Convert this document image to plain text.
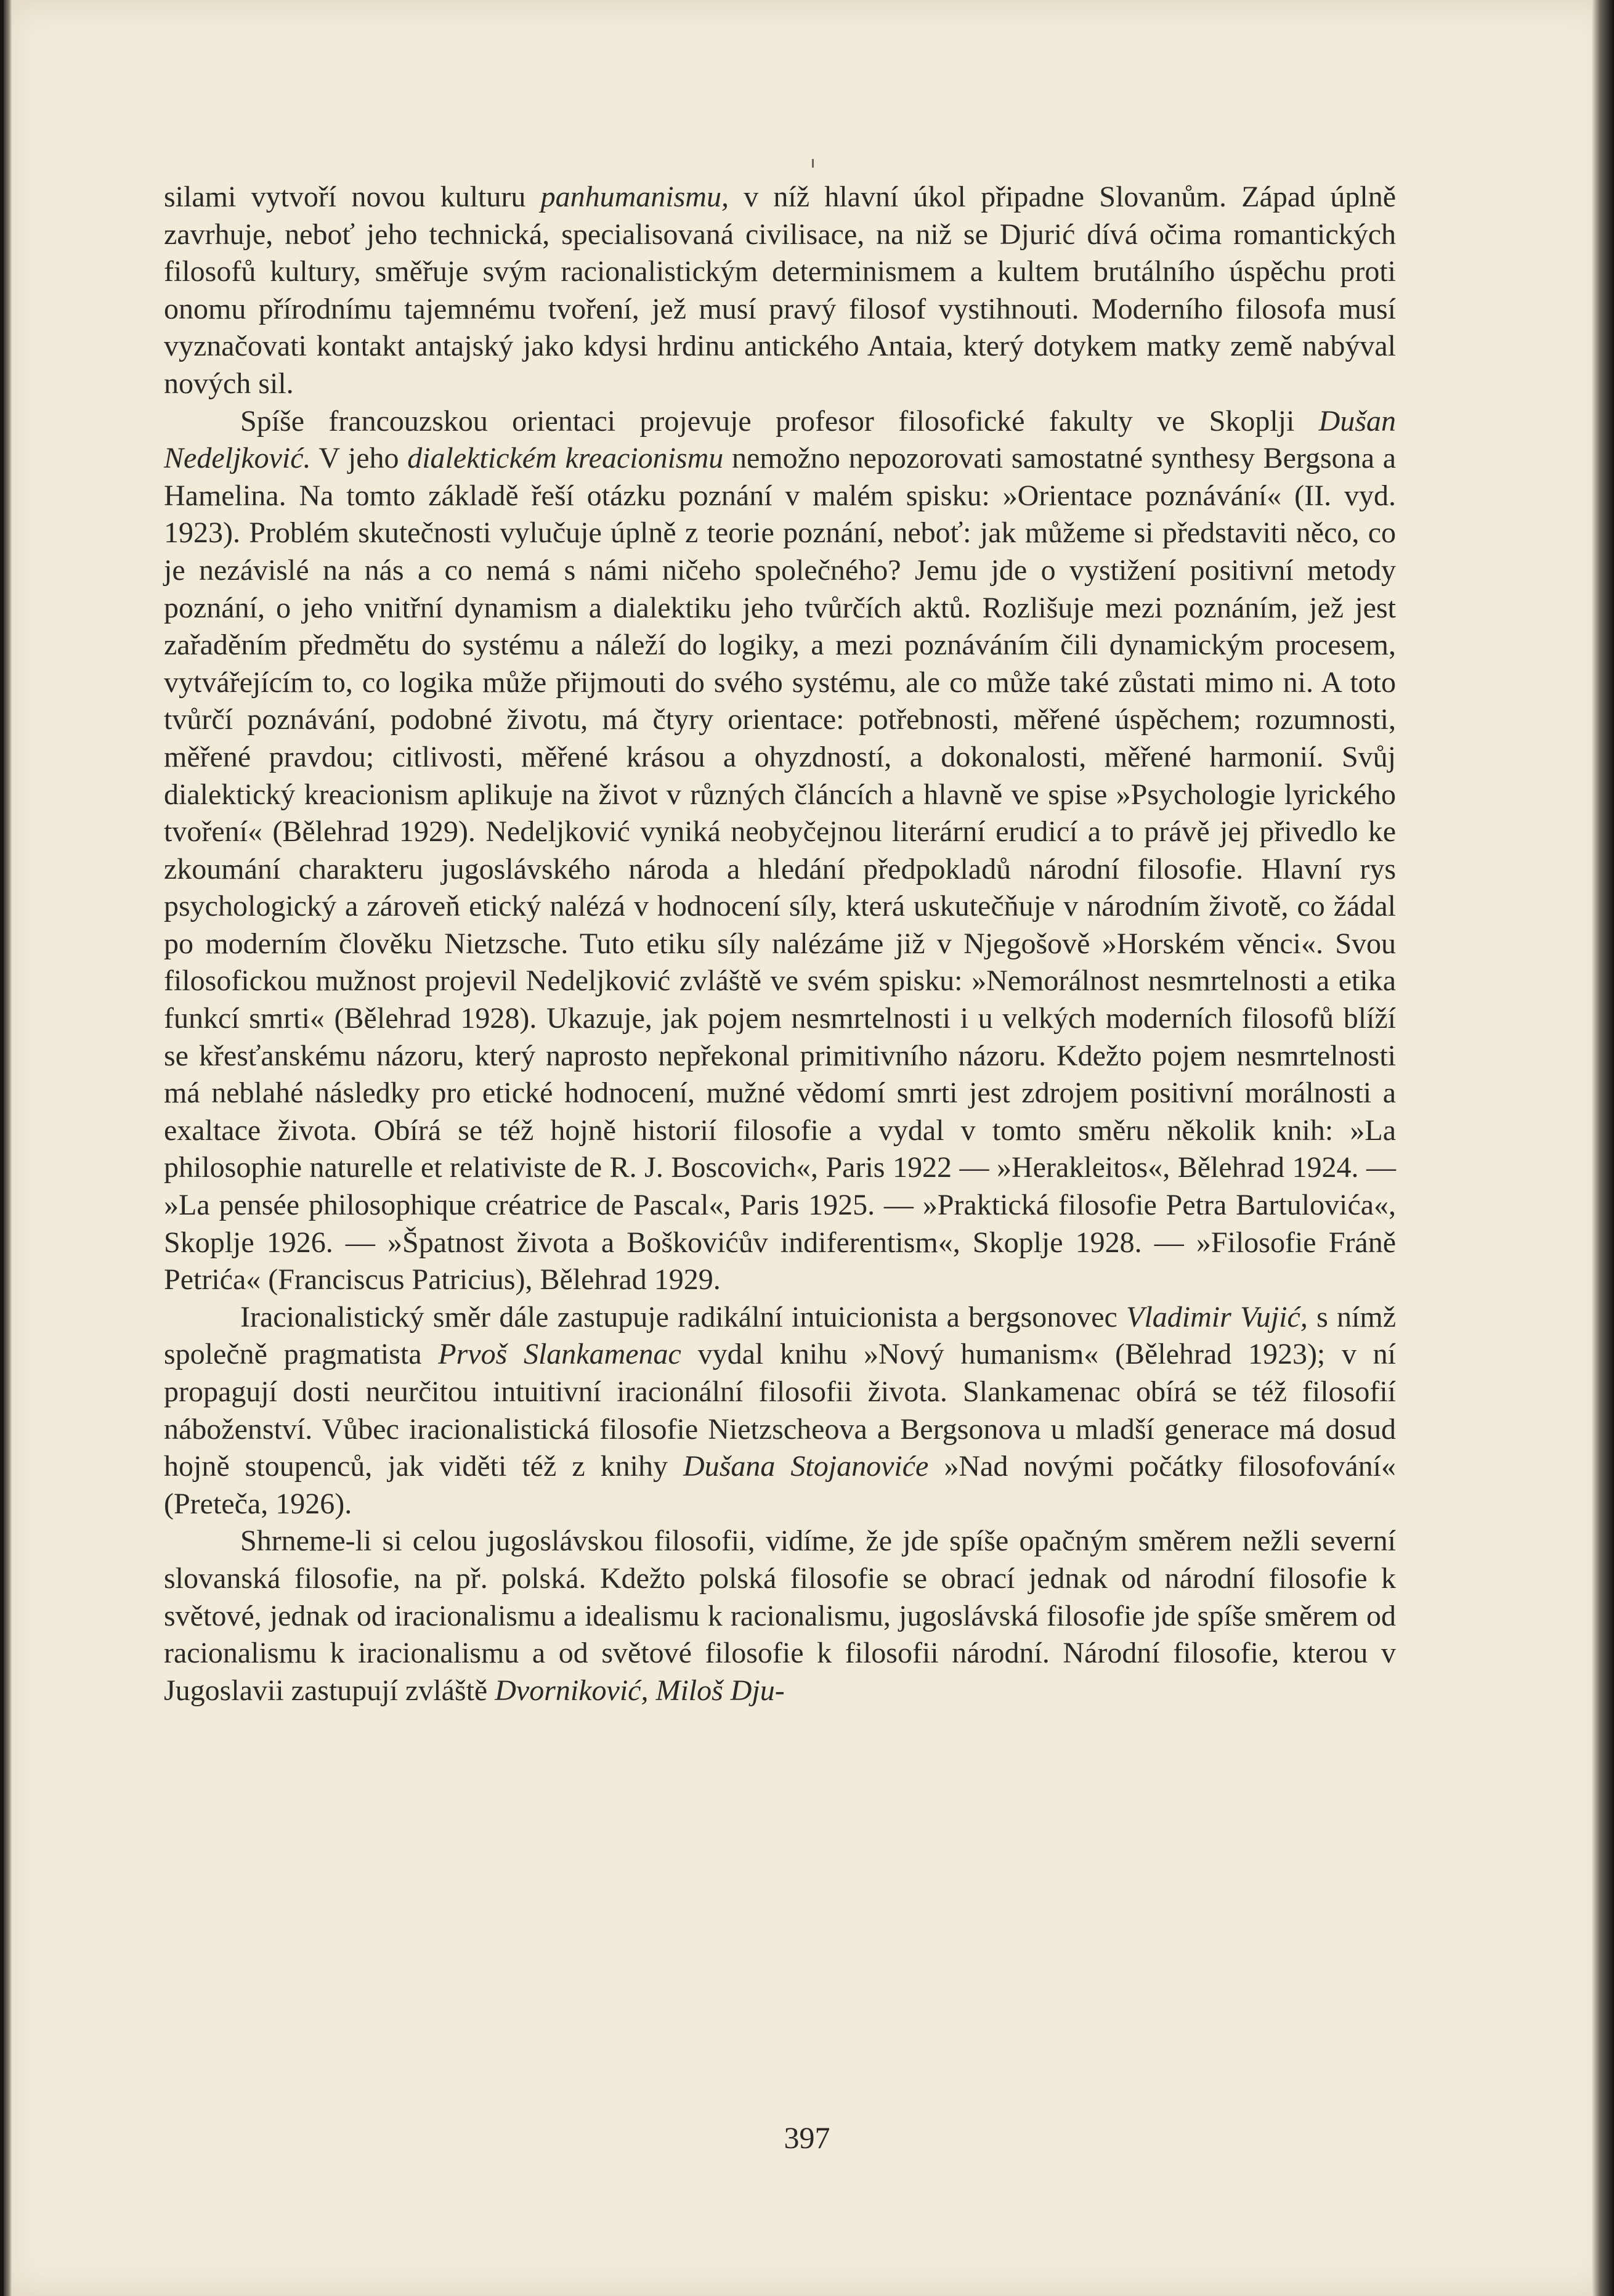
silami vytvoří novou kulturu panhumanismu, v níž hlavní úkol připadne Slovanům. Západ úplně zavrhuje, neboť jeho technická, specialisovaná civilisace, na niž se Djurić dívá očima romantických filosofů kultury, směřuje svým racionalistickým determinismem a kultem brutálního úspěchu proti onomu přírodnímu tajemnému tvoření, jež musí pravý filosof vystihnouti. Moderního filosofa musí vyznačovati kontakt antajský jako kdysi hrdinu antického Antaia, který dotykem matky země nabýval nových sil.

Spíše francouzskou orientaci projevuje profesor filosofické fakulty ve Skoplji Dušan Nedeljković. V jeho dialektickém kreacionismu nemožno nepozorovati samostatné synthesy Bergsona a Hamelina. Na tomto základě řeší otázku poznání v malém spisku: »Orientace poznávání« (II. vyd. 1923). Problém skutečnosti vylučuje úplně z teorie poznání, neboť: jak můžeme si představiti něco, co je nezávislé na nás a co nemá s námi ničeho společného? Jemu jde o vystižení positivní metody poznání, o jeho vnitřní dynamism a dialektiku jeho tvůrčích aktů. Rozlišuje mezi poznáním, jež jest zařaděním předmětu do systému a náleží do logiky, a mezi poznáváním čili dynamickým procesem, vytvářejícím to, co logika může přijmouti do svého systému, ale co může také zůstati mimo ni. A toto tvůrčí poznávání, podobné životu, má čtyry orientace: potřebnosti, měřené úspěchem; rozumnosti, měřené pravdou; citlivosti, měřené krásou a ohyzdností, a dokonalosti, měřené harmonií. Svůj dialektický kreacionism aplikuje na život v různých článcích a hlavně ve spise »Psychologie lyrického tvoření« (Bělehrad 1929). Nedeljković vyniká neobyčejnou literární erudicí a to právě jej přivedlo ke zkoumání charakteru jugoslávského národa a hledání předpokladů národní filosofie. Hlavní rys psychologický a zároveň etický nalézá v hodnocení síly, která uskutečňuje v národním životě, co žádal po moderním člověku Nietzsche. Tuto etiku síly nalézáme již v Njegošově »Horském věnci«. Svou filosofickou mužnost projevil Nedeljković zvláště ve svém spisku: »Nemorálnost nesmrtelnosti a etika funkcí smrti« (Bělehrad 1928). Ukazuje, jak pojem nesmrtelnosti i u velkých moderních filosofů blíží se křesťanskému názoru, který naprosto nepřekonal primitivního názoru. Kdežto pojem nesmrtelnosti má neblahé následky pro etické hodnocení, mužné vědomí smrti jest zdrojem positivní morálnosti a exaltace života. Obírá se též hojně historií filosofie a vydal v tomto směru několik knih: »La philosophie naturelle et relativiste de R. J. Boscovich«, Paris 1922 — »Herakleitos«, Bělehrad 1924. — »La pensée philosophique créatrice de Pascal«, Paris 1925. — »Praktická filosofie Petra Bartulovića«, Skoplje 1926. — »Špatnost života a Boškovićův indiferentism«, Skoplje 1928. — »Filosofie Fráně Petrića« (Franciscus Patricius), Bělehrad 1929.

Iracionalistický směr dále zastupuje radikální intuicionista a bergsonovec Vladimir Vujić, s nímž společně pragmatista Prvoš Slankamenac vydal knihu »Nový humanism« (Bělehrad 1923); v ní propagují dosti neurčitou intuitivní iracionální filosofii života. Slankamenac obírá se též filosofií náboženství. Vůbec iracionalistická filosofie Nietzscheova a Bergsonova u mladší generace má dosud hojně stoupenců, jak viděti též z knihy Dušana Stojanoviće »Nad novými počátky filosofování« (Preteča, 1926).

Shrneme-li si celou jugoslávskou filosofii, vidíme, že jde spíše opačným směrem nežli severní slovanská filosofie, na př. polská. Kdežto polská filosofie se obrací jednak od národní filosofie k světové, jednak od iracionalismu a idealismu k racionalismu, jugoslávská filosofie jde spíše směrem od racionalismu k iracionalismu a od světové filosofie k filosofii národní. Národní filosofie, kterou v Jugoslavii zastupují zvláště Dvorniković, Miloš Dju-

397
